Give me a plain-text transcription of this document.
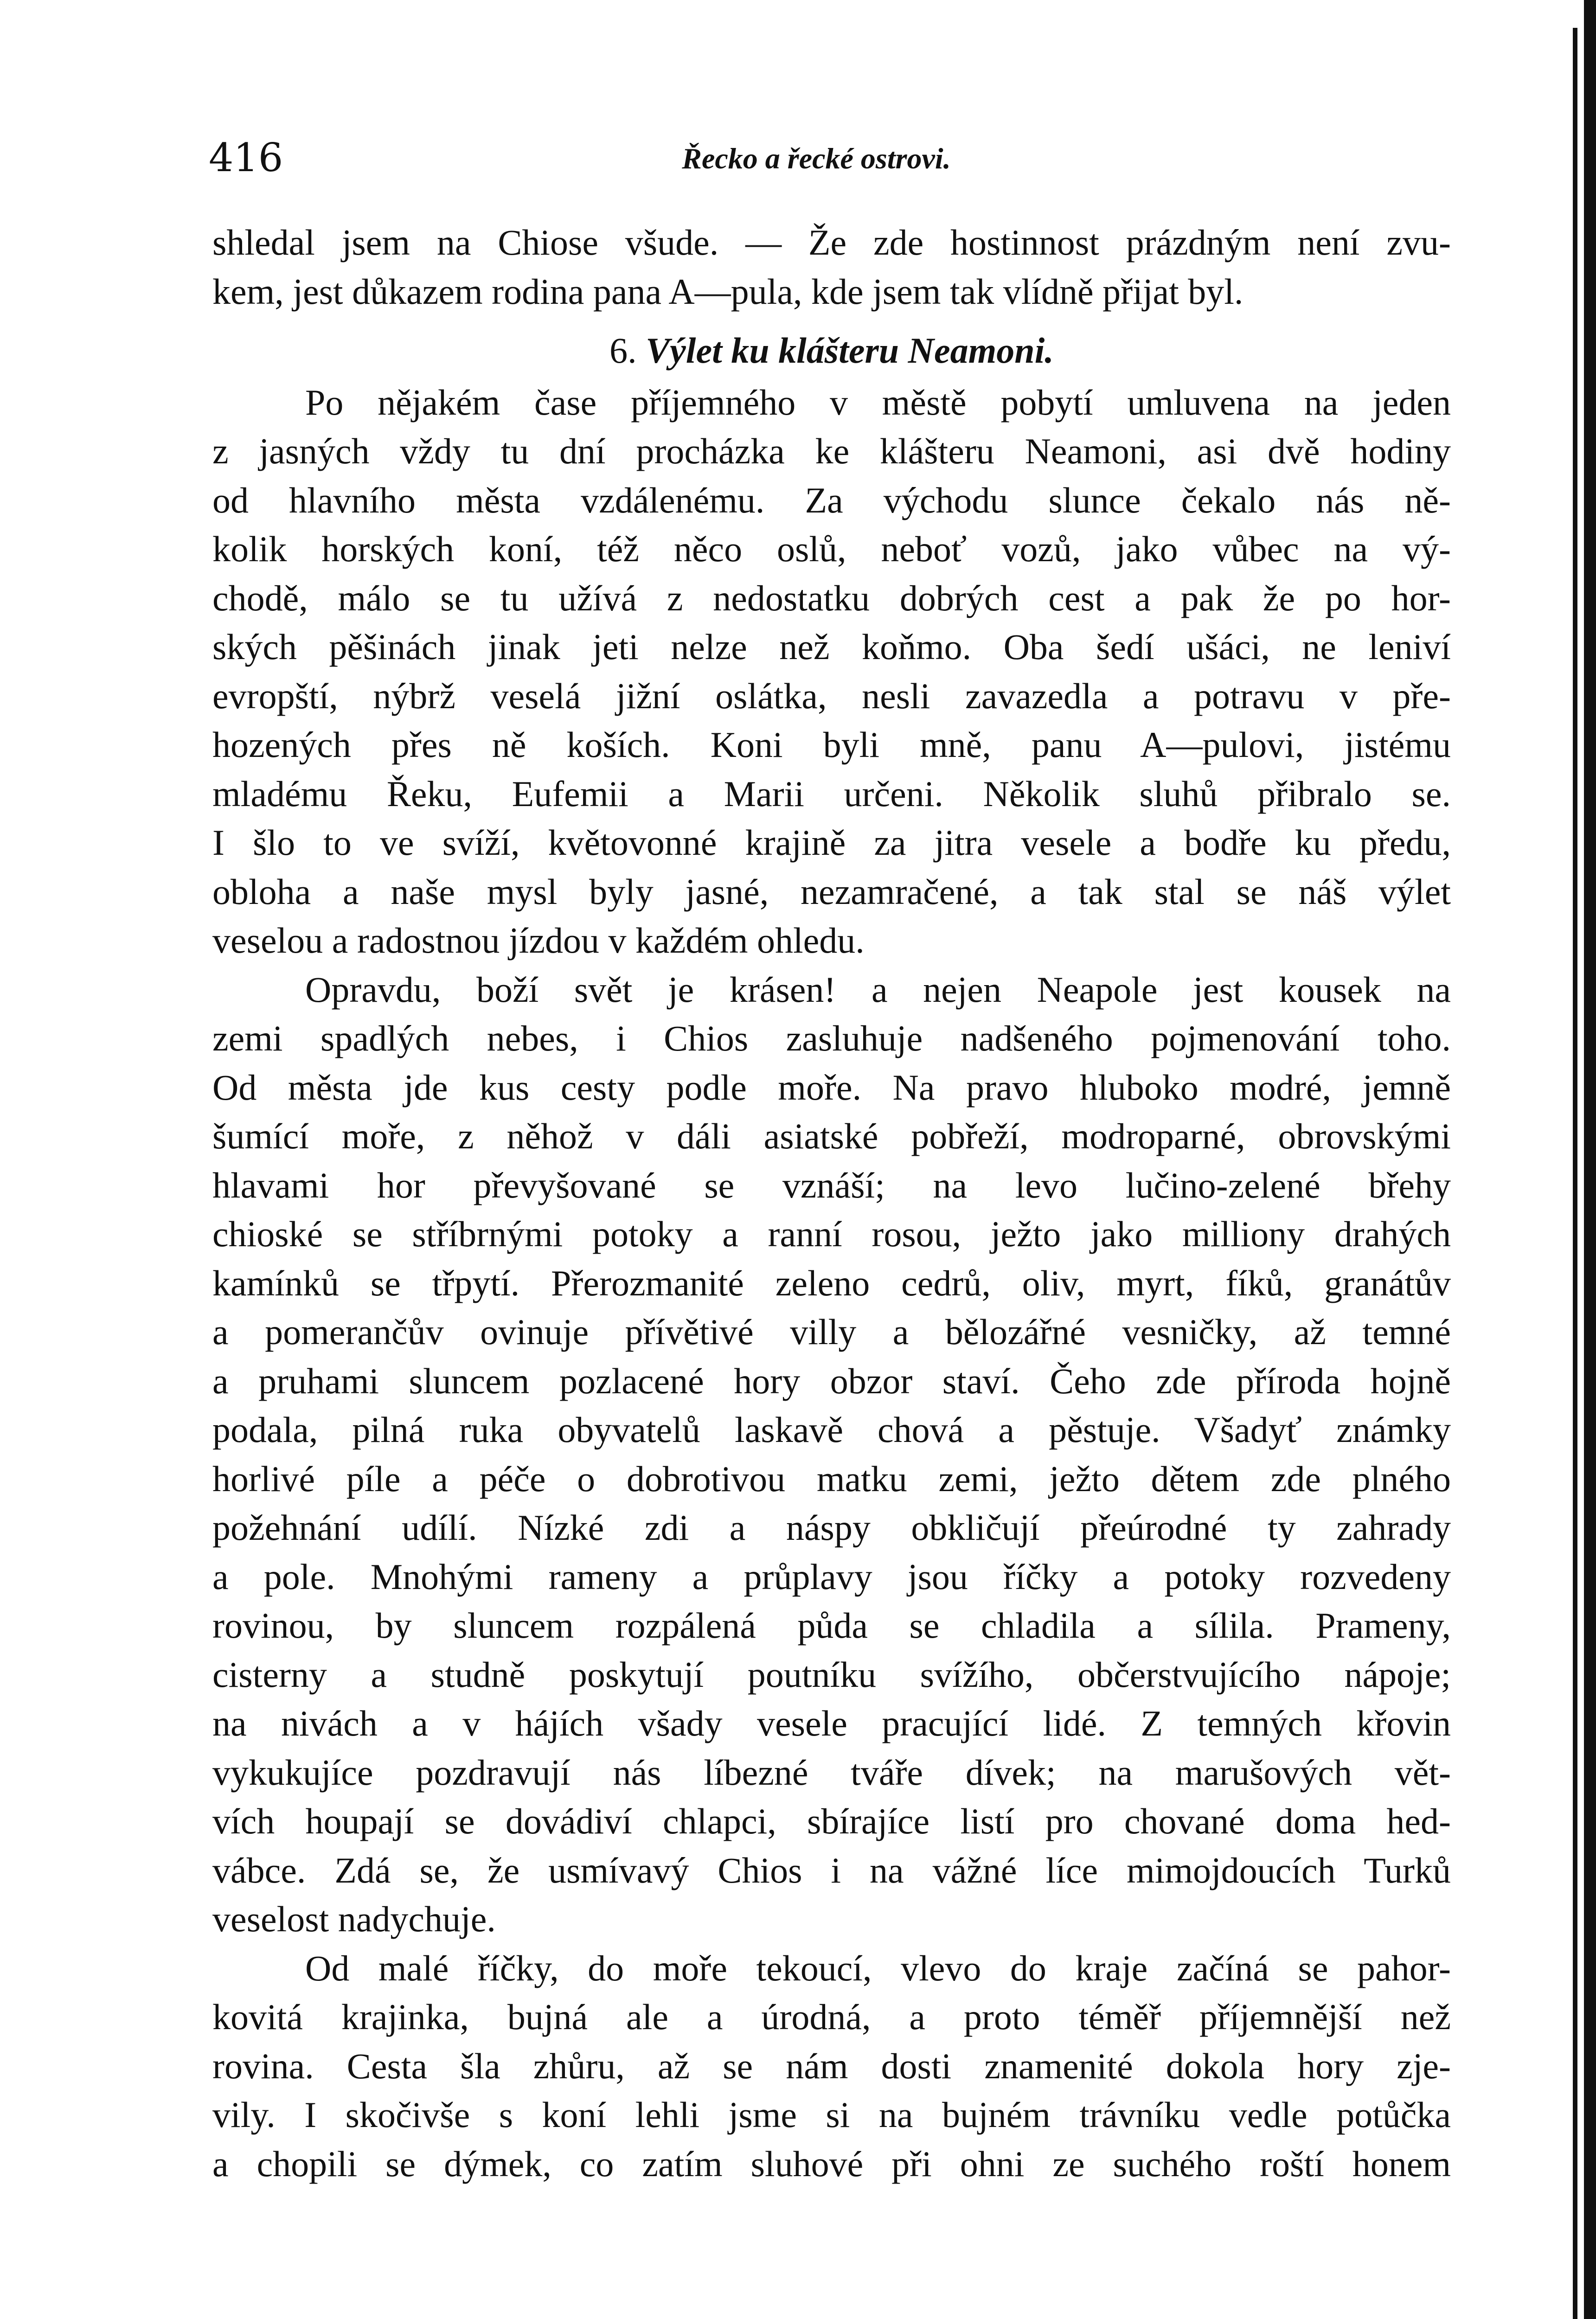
416	Řecko a řecké ostrovi.
shledal jsem na Chiose všude. — Že zde hostinnost prázdným není zvu-
kem, jest důkazem rodina pana A—pula, kde jsem tak vlídně přijat byl.
6. Výlet ku klášteru Neamoni.
Po nějakém čase příjemného v městě pobytí umluvena na jeden
z jasných vždy tu dní procházka ke klášteru Neamoni, asi dvě hodiny
od hlavního města vzdálenému. Za východu slunce čekalo nás ně-
kolik horských koní, též něco oslů, neboť vozů, jako vůbec na vý-
chodě, málo se tu užívá z nedostatku dobrých cest a pak že po hor-
ských pěšinách jinak jeti nelze než koňmo. Oba šedí ušáci, ne leniví
evropští, nýbrž veselá jižní oslátka, nesli zavazedla a potravu v pře-
hozených přes ně koších. Koni byli mně, panu A—pulovi, jistému
mladému Řeku, Eufemii a Marii určeni. Několik sluhů přibralo se.
I šlo to ve svíží, květovonné krajině za jitra vesele a bodře ku předu,
obloha a naše mysl byly jasné, nezamračené, a tak stal se náš výlet
veselou a radostnou jízdou v každém ohledu.
Opravdu, boží svět je krásen! a nejen Neapole jest kousek na
zemi spadlých nebes, i Chios zasluhuje nadšeného pojmenování toho.
Od města jde kus cesty podle moře. Na pravo hluboko modré, jemně
šumící moře, z něhož v dáli asiatské pobřeží, modroparné, obrovskými
hlavami hor převyšované se vznáší; na levo lučino-zelené břehy
chioské se stříbrnými potoky a ranní rosou, ježto jako milliony drahých
kamínků se třpytí. Přerozmanité zeleno cedrů, oliv, myrt, fíků, granátův
a pomerančův ovinuje přívětivé villy a bělozářné vesničky, až temné
a pruhami sluncem pozlacené hory obzor staví. Čeho zde příroda hojně
podala, pilná ruka obyvatelů laskavě chová a pěstuje. Všadyť známky
horlivé píle a péče o dobrotivou matku zemi, ježto dětem zde plného
požehnání udílí. Nízké zdi a náspy obkličují přeúrodné ty zahrady
a pole. Mnohými rameny a průplavy jsou říčky a potoky rozvedeny
rovinou, by sluncem rozpálená půda se chladila a sílila. Prameny,
cisterny a studně poskytují poutníku svížího, občerstvujícího nápoje;
na nivách a v hájích všady vesele pracující lidé. Z temných křovin
vykukujíce pozdravují nás líbezné tváře dívek; na marušových vět-
vích houpají se dovádiví chlapci, sbírajíce listí pro chované doma hed-
vábce. Zdá se, že usmívavý Chios i na vážné líce mimojdoucích Turků
veselost nadychuje.
Od malé říčky, do moře tekoucí, vlevo do kraje začíná se pahor-
kovitá krajinka, bujná ale a úrodná, a proto téměř příjemnější než
rovina. Cesta šla zhůru, až se nám dosti znamenité dokola hory zje-
vily. I skočivše s koní lehli jsme si na bujném trávníku vedle potůčka
a chopili se dýmek, co zatím sluhové při ohni ze suchého roští honem
